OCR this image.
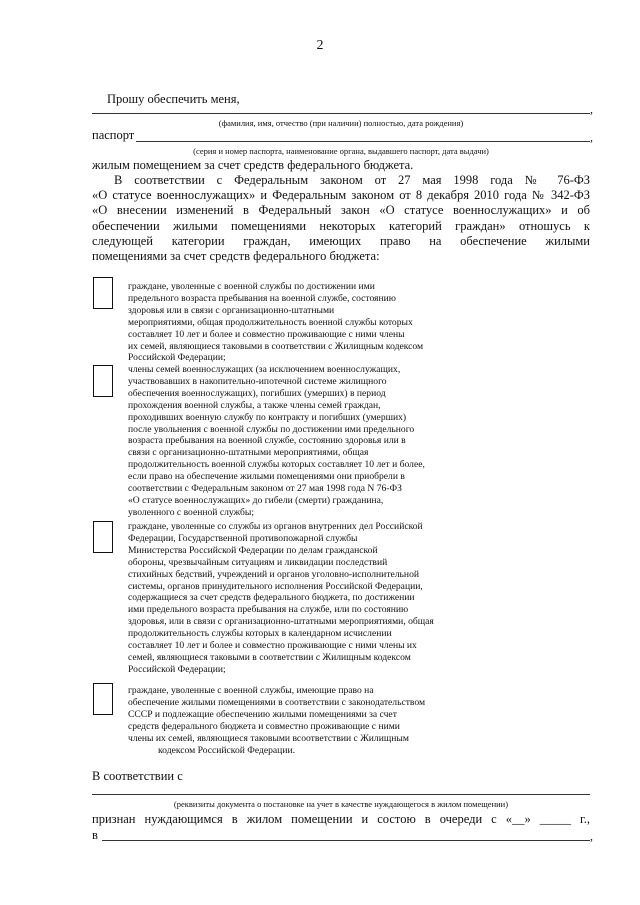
2
Прошу обеспечить меня,
,
(фамилия, имя, отчество (при наличии) полностью, дата рождения)
паспорт	,
(серия и номер паспорта, наименование органа, выдавшего паспорт, дата выдачи)
жилым помещением за счет средств федерального бюджета.
В соответствии с Федеральным законом от 27 мая 1998 года № 76-ФЗ
«О статусе военнослужащих» и Федеральным законом от 8 декабря 2010 года № 342-ФЗ
«О внесении изменений в Федеральный закон «О статусе военнослужащих» и об
обеспечении жилыми помещениями некоторых категорий граждан» отношусь к
следующей категории граждан, имеющих право на обеспечение жилыми
помещениями за счет средств федерального бюджета:
граждане, уволенные с военной службы по достижении ими
предельного возраста пребывания на военной службе, состоянию
здоровья или в связи с организационно-штатными
мероприятиями, общая продолжительность военной службы которых
составляет 10 лет и более и совместно проживающие с ними члены
их семей, являющиеся таковыми в соответствии с Жилищным кодексом
Российской Федерации;
члены семей военнослужащих (за исключением военнослужащих,
участвовавших в накопительно-ипотечной системе жилищного
обеспечения военнослужащих), погибших (умерших) в период
прохождения военной службы, а также члены семей граждан,
проходивших военную службу по контракту и погибших (умерших)
после увольнения с военной службы по достижении ими предельного
возраста пребывания на военной службе, состоянию здоровья или в
связи с организационно-штатными мероприятиями, общая
продолжительность военной службы которых составляет 10 лет и более,
если право на обеспечение жилыми помещениями они приобрели в
соответствии с Федеральным законом от 27 мая 1998 года N 76-ФЗ
«О статусе военнослужащих» до гибели (смерти) гражданина,
уволенного с военной службы;
граждане, уволенные со службы из органов внутренних дел Российской
Федерации, Государственной противопожарной службы
Министерства Российской Федерации по делам гражданской
обороны, чрезвычайным ситуациям и ликвидации последствий
стихийных бедствий, учреждений и органов уголовно-исполнительной
системы, органов принудительного исполнения Российской Федерации,
содержащиеся за счет средств федерального бюджета, по достижении
ими предельного возраста пребывания на службе, или по состоянию
здоровья, или в связи с организационно-штатными мероприятиями, общая
продолжительность службы которых в календарном исчислении
составляет 10 лет и более и совместно проживающие с ними члены их
семей, являющиеся таковыми в соответствии с Жилищным кодексом
Российской Федерации;
граждане, уволенные с военной службы, имеющие право на
обеспечение жилыми помещениями в соответствии с законодательством
СССР и подлежащие обеспечению жилыми помещениями за счет
средств федерального бюджета и совместно проживающие с ними
члены их семей, являющиеся таковыми всоответствии с Жилищным
кодексом Российской Федерации.
В соответствии с
(реквизиты документа о постановке на учет в качестве нуждающегося в жилом помещении)
признан нуждающимся в жилом помещении и состою в очереди с «__» _____ г.,
в	,
